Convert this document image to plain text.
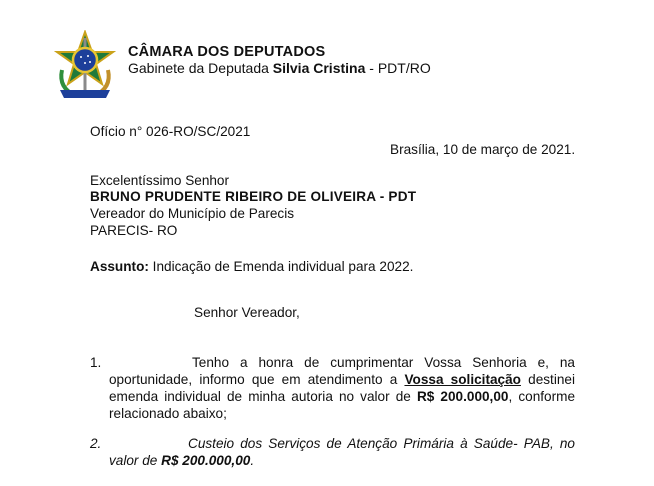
CÂMARA DOS DEPUTADOS
Gabinete da Deputada Silvia Cristina - PDT/RO
Ofício n° 026-RO/SC/2021
Brasília, 10 de março de 2021.
Excelentíssimo Senhor
BRUNO PRUDENTE RIBEIRO DE OLIVEIRA - PDT
Vereador do Município de Parecis
PARECIS- RO
Assunto: Indicação de Emenda individual para 2022.
Senhor Vereador,
1.	Tenho a honra de cumprimentar Vossa Senhoria e, na
oportunidade, informo que em atendimento a Vossa solicitação destinei
emenda individual de minha autoria no valor de R$ 200.000,00, conforme
relacionado abaixo;
2.	Custeio dos Serviços de Atenção Primária à Saúde- PAB, no
valor de R$ 200.000,00.
